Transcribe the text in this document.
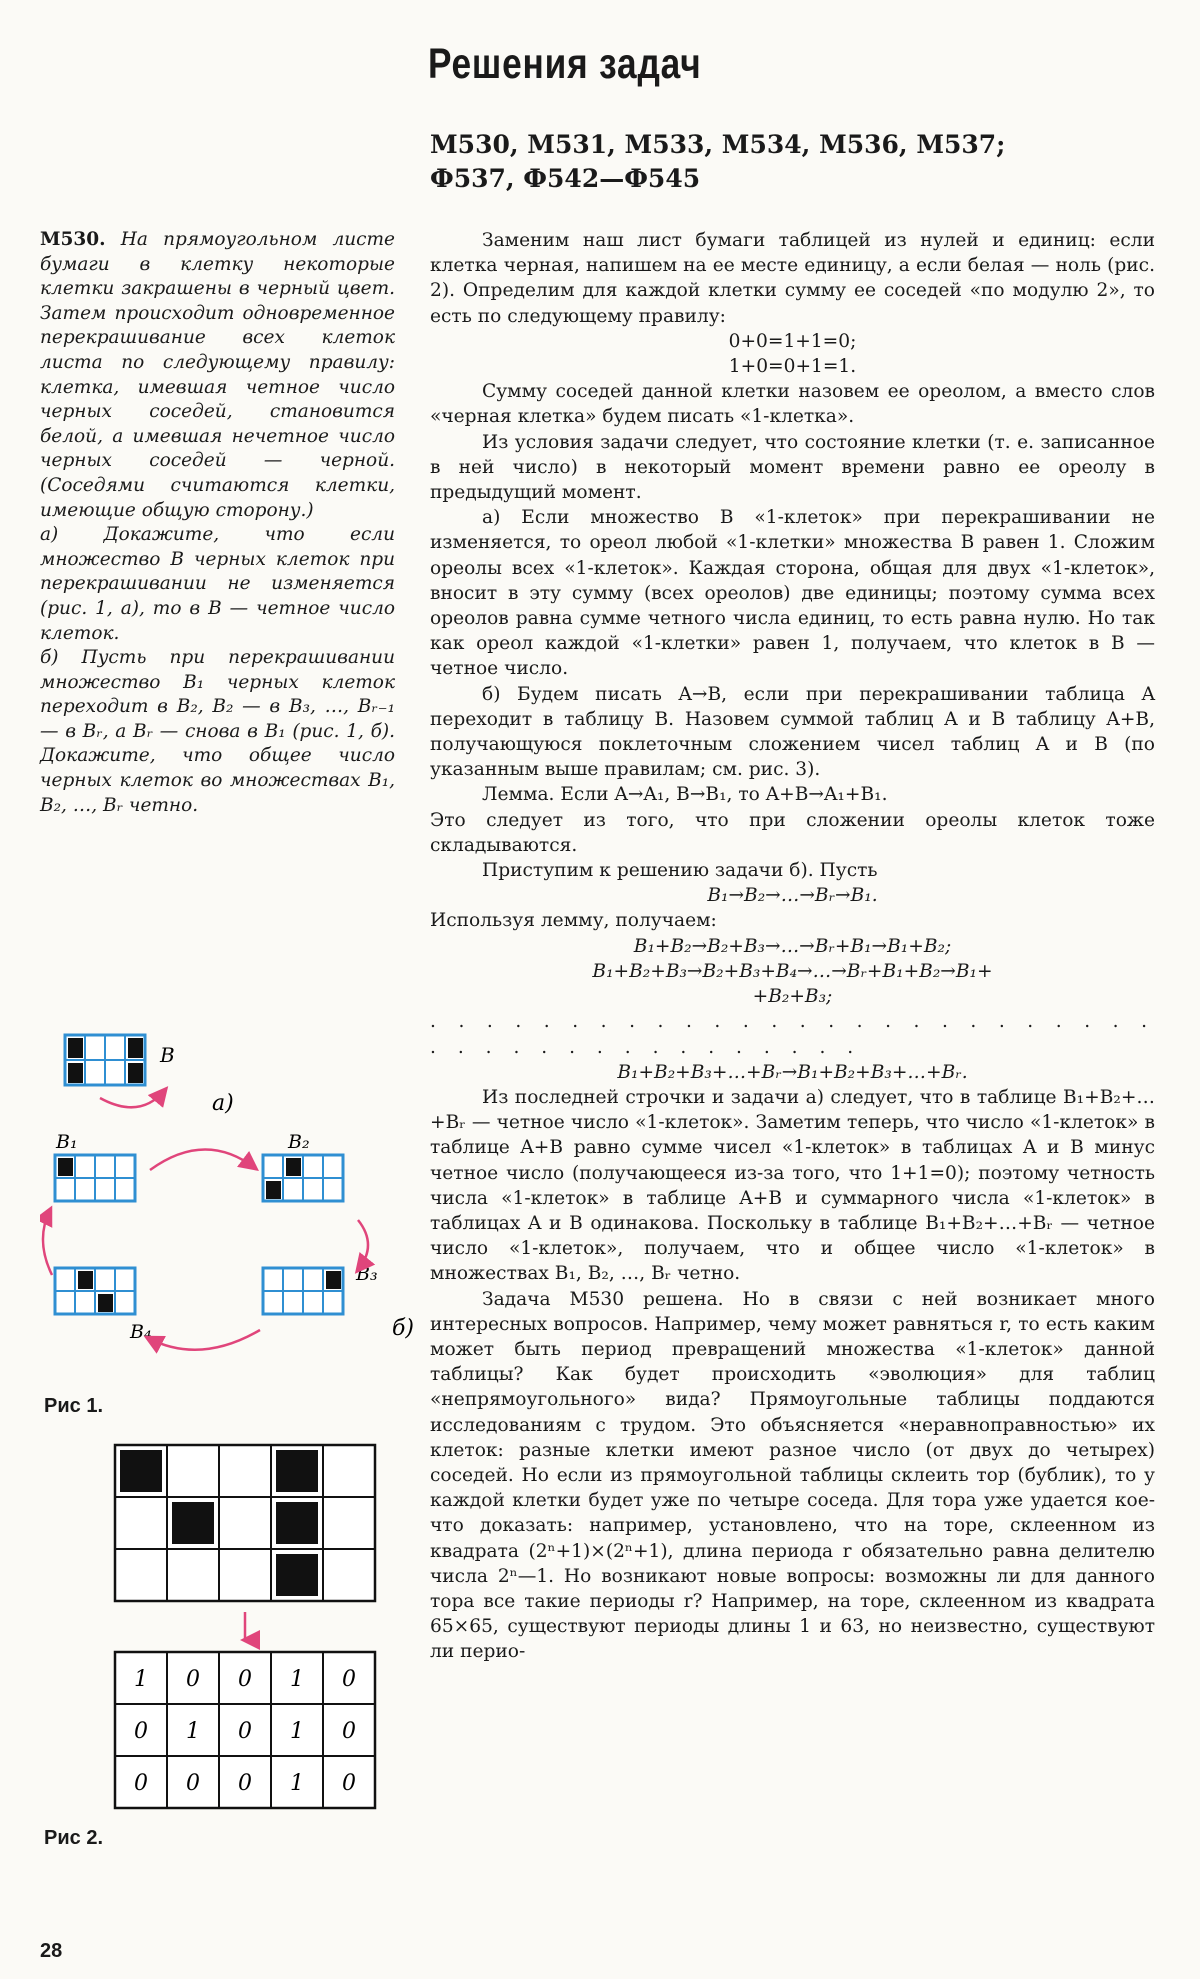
Решения задач
М530, М531, М533, М534, М536, М537;
Ф537, Ф542—Ф545

М530. На прямоугольном листе бумаги в клетку некоторые клетки закрашены в черный цвет. Затем происходит одновременное перекрашивание всех клеток листа по следующему правилу: клетка, имевшая четное число черных соседей, становится белой, а имевшая нечетное число черных соседей — черной. (Соседями считаются клетки, имеющие общую сторону.)

а) Докажите, что если множество B черных клеток при перекрашивании не изменяется (рис. 1, а), то в B — четное число клеток.

б) Пусть при перекрашивании множество B₁ черных клеток переходит в B₂, B₂ — в B₃, …, Bᵣ₋₁ — в Bᵣ, а Bᵣ — снова в B₁ (рис. 1, б). Докажите, что общее число черных клеток во множествах B₁, B₂, …, Bᵣ четно.

B
а)
B₁	B₂
B₄
B₃
б)
Рис 1.
1 0 0 1 0
0 1 0 1 0
0 0 0 1 0
Рис 2.

Заменим наш лист бумаги таблицей из нулей и единиц: если клетка черная, напишем на ее месте единицу, а если белая — ноль (рис. 2). Определим для каждой клетки сумму ее соседей «по модулю 2», то есть по следующему правилу:

0+0=1+1=0;

1+0=0+1=1.

Сумму соседей данной клетки назовем ее ореолом, а вместо слов «черная клетка» будем писать «1-клетка».

Из условия задачи следует, что состояние клетки (т. е. записанное в ней число) в некоторый момент времени равно ее ореолу в предыдущий момент.

а) Если множество B «1-клеток» при перекрашивании не изменяется, то ореол любой «1-клетки» множества B равен 1. Сложим ореолы всех «1-клеток». Каждая сторона, общая для двух «1-клеток», вносит в эту сумму (всех ореолов) две единицы; поэтому сумма всех ореолов равна сумме четного числа единиц, то есть равна нулю. Но так как ореол каждой «1-клетки» равен 1, получаем, что клеток в B — четное число.

б) Будем писать A→B, если при перекрашивании таблица A переходит в таблицу B. Назовем суммой таблиц A и B таблицу A+B, получающуюся поклеточным сложением чисел таблиц A и B (по указанным выше правилам; см. рис. 3).

Лемма. Если A→A₁, B→B₁, то A+B→A₁+B₁.

Это следует из того, что при сложении ореолы клеток тоже складываются.

Приступим к решению задачи б). Пусть

B₁→B₂→…→Bᵣ→B₁.

Используя лемму, получаем:

B₁+B₂→B₂+B₃→…→Bᵣ+B₁→B₁+B₂;

B₁+B₂+B₃→B₂+B₃+B₄→…→Bᵣ+B₁+B₂→B₁+

+B₂+B₃;

. . . . . . . . . . . . . . . . . . . . . . . . . . . . . . . . . . . . . . . . . .

B₁+B₂+B₃+…+Bᵣ→B₁+B₂+B₃+…+Bᵣ.

Из последней строчки и задачи а) следует, что в таблице B₁+B₂+…+Bᵣ — четное число «1-клеток». Заметим теперь, что число «1-клеток» в таблице A+B равно сумме чисел «1-клеток» в таблицах A и B минус четное число (получающееся из-за того, что 1+1=0); поэтому четность числа «1-клеток» в таблице A+B и суммарного числа «1-клеток» в таблицах A и B одинакова. Поскольку в таблице B₁+B₂+…+Bᵣ — четное число «1-клеток», получаем, что и общее число «1-клеток» в множествах B₁, B₂, …, Bᵣ четно.

Задача М530 решена. Но в связи с ней возникает много интересных вопросов. Например, чему может равняться r, то есть каким может быть период превращений множества «1-клеток» данной таблицы? Как будет происходить «эволюция» для таблиц «непрямоугольного» вида? Прямоугольные таблицы поддаются исследованиям с трудом. Это объясняется «неравноправностью» их клеток: разные клетки имеют разное число (от двух до четырех) соседей. Но если из прямоугольной таблицы склеить тор (бублик), то у каждой клетки будет уже по четыре соседа. Для тора уже удается кое-что доказать: например, установлено, что на торе, склеенном из квадрата (2ⁿ+1)×(2ⁿ+1), длина периода r обязательно равна делителю числа 2ⁿ—1. Но возникают новые вопросы: возможны ли для данного тора все такие периоды r? Например, на торе, склеенном из квадрата 65×65, существуют периоды длины 1 и 63, но неизвестно, существуют ли перио-

28
